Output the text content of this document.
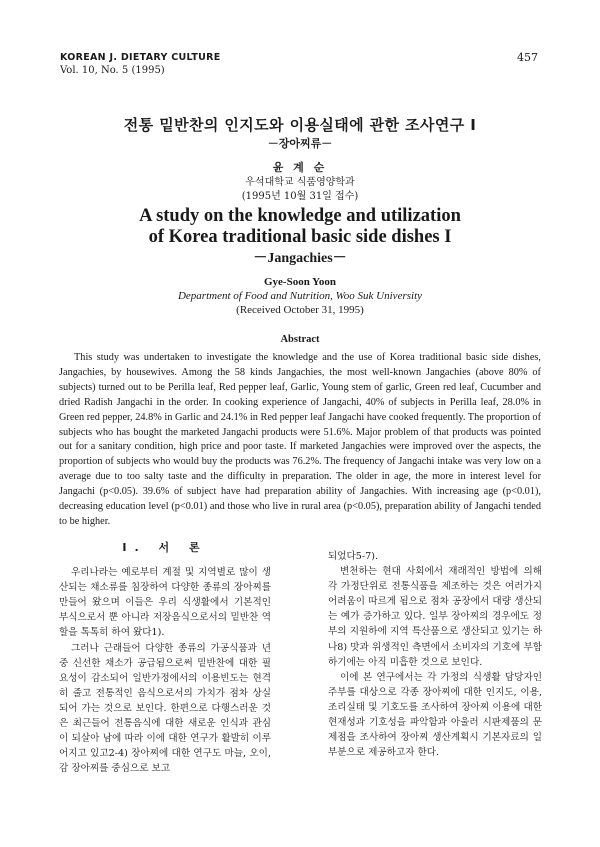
KOREAN J. DIETARY CULTURE
Vol. 10, No. 5 (1995)
457
전통 밑반찬의 인지도와 이용실태에 관한 조사연구 I
－장아찌류－
윤 계 순
우석대학교 식품영양학과
(1995년 10월 31일 접수)
A study on the knowledge and utilization
of Korea traditional basic side dishes I
－Jangachies－
Gye-Soon Yoon
Department of Food and Nutrition, Woo Suk University
(Received October 31, 1995)
Abstract
This study was undertaken to investigate the knowledge and the use of Korea traditional basic side dishes, Jangachies, by housewives. Among the 58 kinds Jangachies, the most well-known Jangachies (above 80% of subjects) turned out to be Perilla leaf, Red pepper leaf, Garlic, Young stem of garlic, Green red leaf, Cucumber and dried Radish Jangachi in the order. In cooking experience of Jangachi, 40% of subjects in Perilla leaf, 28.0% in Green red pepper, 24.8% in Garlic and 24.1% in Red pepper leaf Jangachi have cooked frequently. The proportion of subjects who has bought the marketed Jangachi products were 51.6%. Major problem of that products was pointed out for a sanitary condition, high price and poor taste. If marketed Jangachies were improved over the aspects, the proportion of subjects who would buy the products was 76.2%. The frequency of Jangachi intake was very low on a average due to too salty taste and the difficulty in preparation. The older in age, the more in interest level for Jangachi (p<0.05). 39.6% of subject have had preparation ability of Jangachies. With increasing age (p<0.01), decreasing education level (p<0.01) and those who live in rural area (p<0.05), preparation ability of Jangachi tended to be higher.
I. 서 론

우리나라는 예로부터 계절 및 지역별로 많이 생산되는 채소류를 침장하여 다양한 종류의 장아찌를 만들어 왔으며 이들은 우리 식생활에서 기본적인 부식으로서 뿐 아니라 저장음식으로서의 밑반찬 역할을 톡톡히 하여 왔다1).

그러나 근래들어 다양한 종류의 가공식품과 년중 신선한 채소가 공급됨으로써 밑반찬에 대한 필요성이 감소되어 일반가정에서의 이용빈도는 현격히 줄고 전통적인 음식으로서의 가치가 점차 상실되어 가는 것으로 보인다. 한편으로 다행스러운 것은 최근들어 전통음식에 대한 새로운 인식과 관심이 되살아 남에 따라 이에 대한 연구가 활발히 이루어지고 있고2-4) 장아찌에 대한 연구도 마늘, 오이, 감 장아찌를 중심으로 보고

되었다5-7).

변천하는 현대 사회에서 재래적인 방법에 의해 각 가정단위로 전통식품을 제조하는 것은 여러가지 어려움이 따르게 됨으로 점차 공장에서 대량 생산되는 예가 증가하고 있다. 일부 장아찌의 경우에도 정부의 지원하에 지역 특산품으로 생산되고 있기는 하나8) 맛과 위생적인 측면에서 소비자의 기호에 부합하기에는 아직 미흡한 것으로 보인다.

이에 본 연구에서는 각 가정의 식생활 담당자인 주부를 대상으로 각종 장아찌에 대한 인지도, 이용, 조리실태 및 기호도를 조사하여 장아찌 이용에 대한 현재성과 기호성을 파악함과 아울러 시판제품의 문제점을 조사하여 장아찌 생산계획시 기본자료의 일부분으로 제공하고자 한다.
